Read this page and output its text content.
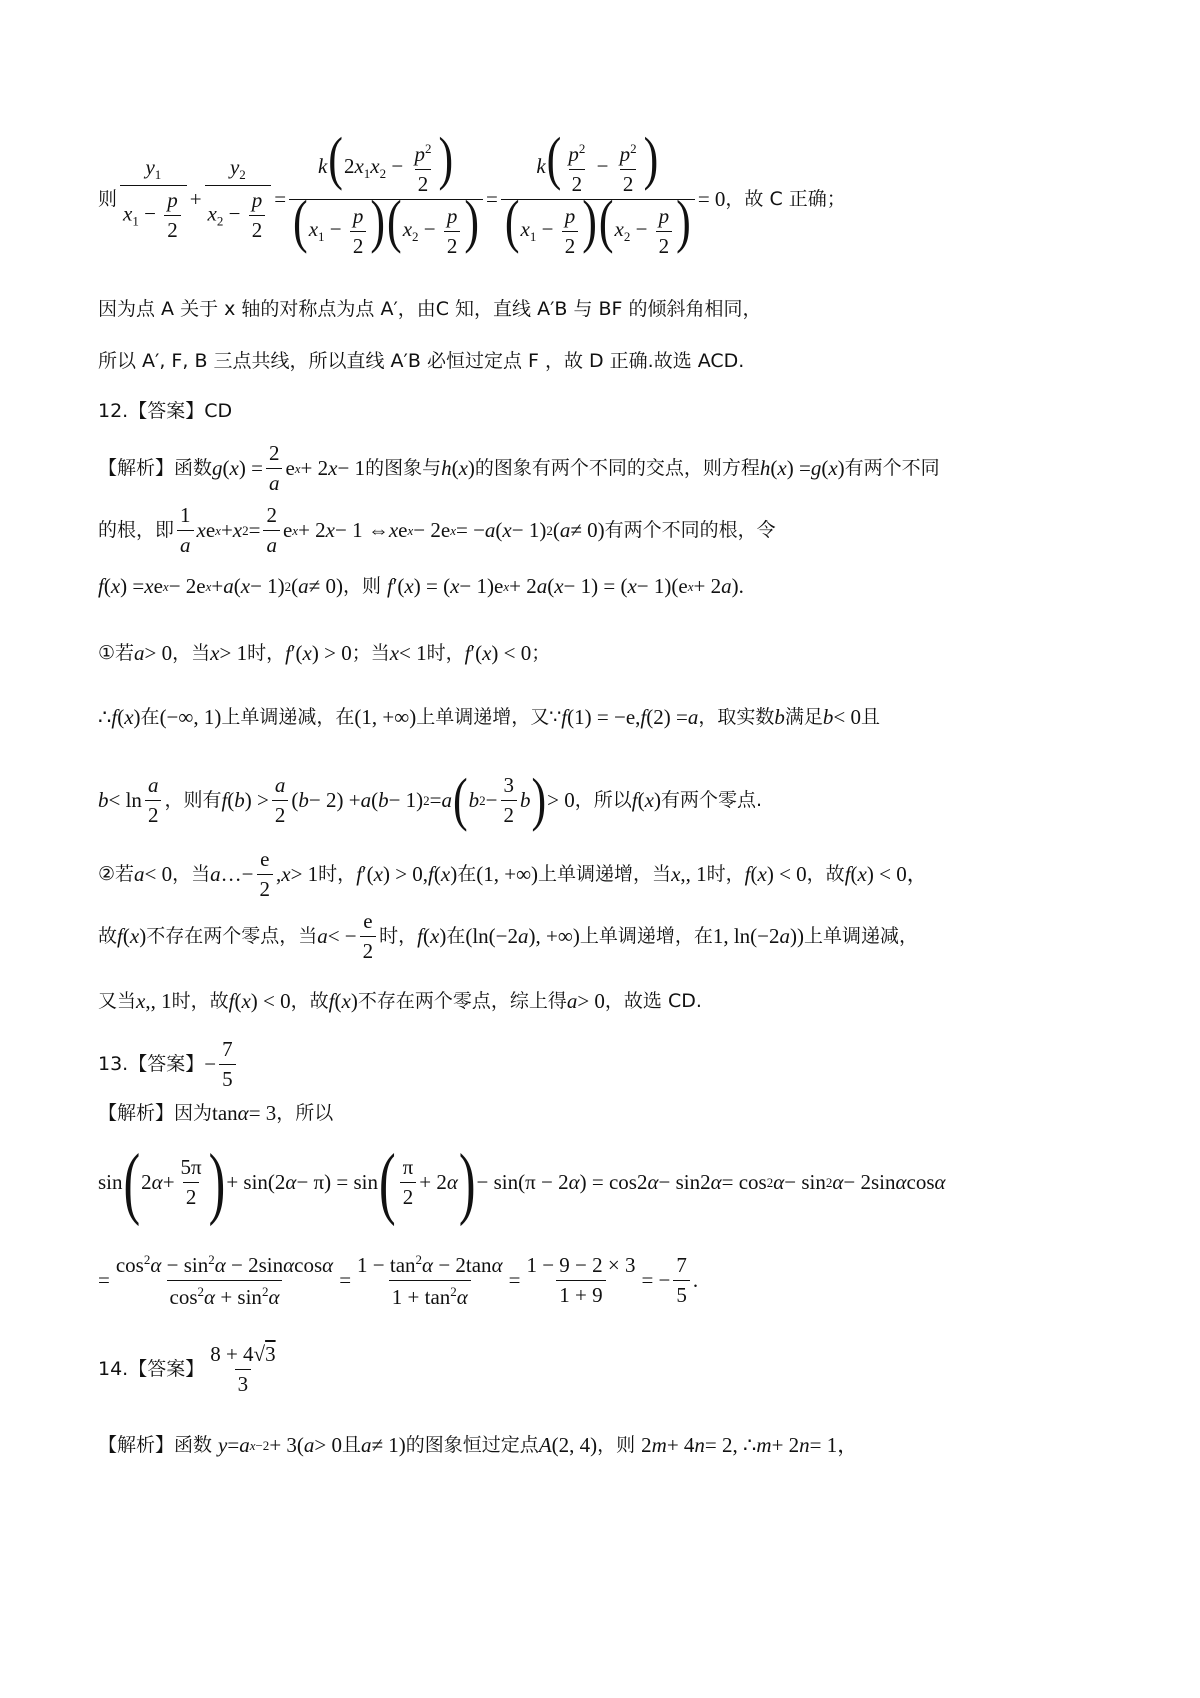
则 $\frac{y_1}{x_1 - \frac{p}{2}} + \frac{y_2}{x_2 - \frac{p}{2}} = \frac{k(2x_1x_2 - \frac{p^2}{2} )}{(x_1 - \frac{p}{2} )(x_2 - \frac{p}{2} )} = \frac{k( \frac{p^2}{2} - \frac{p^2}{2} )}{(x_1 - \frac{p}{2} )(x_2 - \frac{p}{2} )} = 0$ ，故 C 正确；
因为点 A 关于 x 轴的对称点为点 A′，由C 知，直线 A′B 与 BF 的倾斜角相同，
所以 A′, F, B 三点共线，所以直线 A′B 必恒过定点 F ，故 D 正确.故选 ACD.
12.【答案】CD
【解析】函数 g ( x ) = $\frac{2}{a}$ e x + 2 x − 1 的图象与 h ( x ) 的图象有两个不同的交点，则方程 h ( x ) = g ( x ) 有两个不同
的根，即 $\frac{1}{a}$ x e x + x $2 = \frac{2}{a}$ e x + 2 x − 1 ⇔ x e x − 2e x = − a ( x − 1) 2 ( a ≠ 0) 有两个不同的根，令
f ( x ) = x e x − 2e x + a ( x − 1) 2 ( a ≠ 0) ，则 f ′( x ) = ( x − 1)e x + 2 a ( x − 1) = ( x − 1)(e x + 2 a ).
①若 a > 0 ，当 x > 1 时， f ′( x ) > 0 ；当 x < 1 时， f ′( x ) < 0 ；
∴ f ( x ) 在 (−∞, 1) 上单调递减，在 (1, +∞) 上单调递增，又∵ f (1) = −e, f (2) = a ，取实数 b 满足 b < 0 且
$b < \ln \frac{a}{2}$ ，则有 f ( b ) > $\frac{a}{2}$ ( b − 2) + a ( b − 1) 2 = a ( b $2 - \frac{3}{2}$ b ) > 0 ，所以 f ( x ) 有两个零点.
②若 a < 0 ，当 a …− $\frac{e}{2}$ , x > 1 时， f ′( x ) > 0, f ( x ) 在 (1, +∞) 上单调递增，当 x ,, 1 时， f ( x ) < 0 ，故 f ( x ) < 0，
故 f ( x ) 不存在两个零点，当 a < − $\frac{e}{2}$ 时， f ( x ) 在 (ln(−2 a ), +∞) 上单调递增，在 1, ln(−2 a )) 上单调递减，
又当 x ,, 1 时，故 f ( x ) < 0 ，故 f ( x ) 不存在两个零点，综上得 a > 0 ，故选 CD.
13.【答案】 − $\frac{7}{5}$
【解析】因为 tan α = 3 ，所以
sin ( 2 $\alpha + \frac{5\pi}{2}$ ) + sin(2 α − π) = sin ( $\frac{\pi}{2} + 2$ α ) − sin(π − 2 α ) = cos2 α − sin2 α = cos 2 α − sin 2 α − 2sin α cos α
= $\frac{\cos^2\alpha - \sin^2\alpha - 2\sin\alpha\cos\alpha}{\cos^2\alpha + \sin^2\alpha} = \frac{1 - \tan^2\alpha - 2\tan\alpha}{1 + \tan^2\alpha} = \frac{1 - 9 - 2 \times 3}{1 + 9}$ = − $\frac{7}{5}$ .
14.【答案】 $\frac{8 + 4√3}{3}$
【解析】函数 y = a x−2 + 3( a > 0 且 a ≠ 1) 的图象恒过定点 A (2, 4) ，则 2 m + 4 n = 2, ∴ m + 2 n = 1，
